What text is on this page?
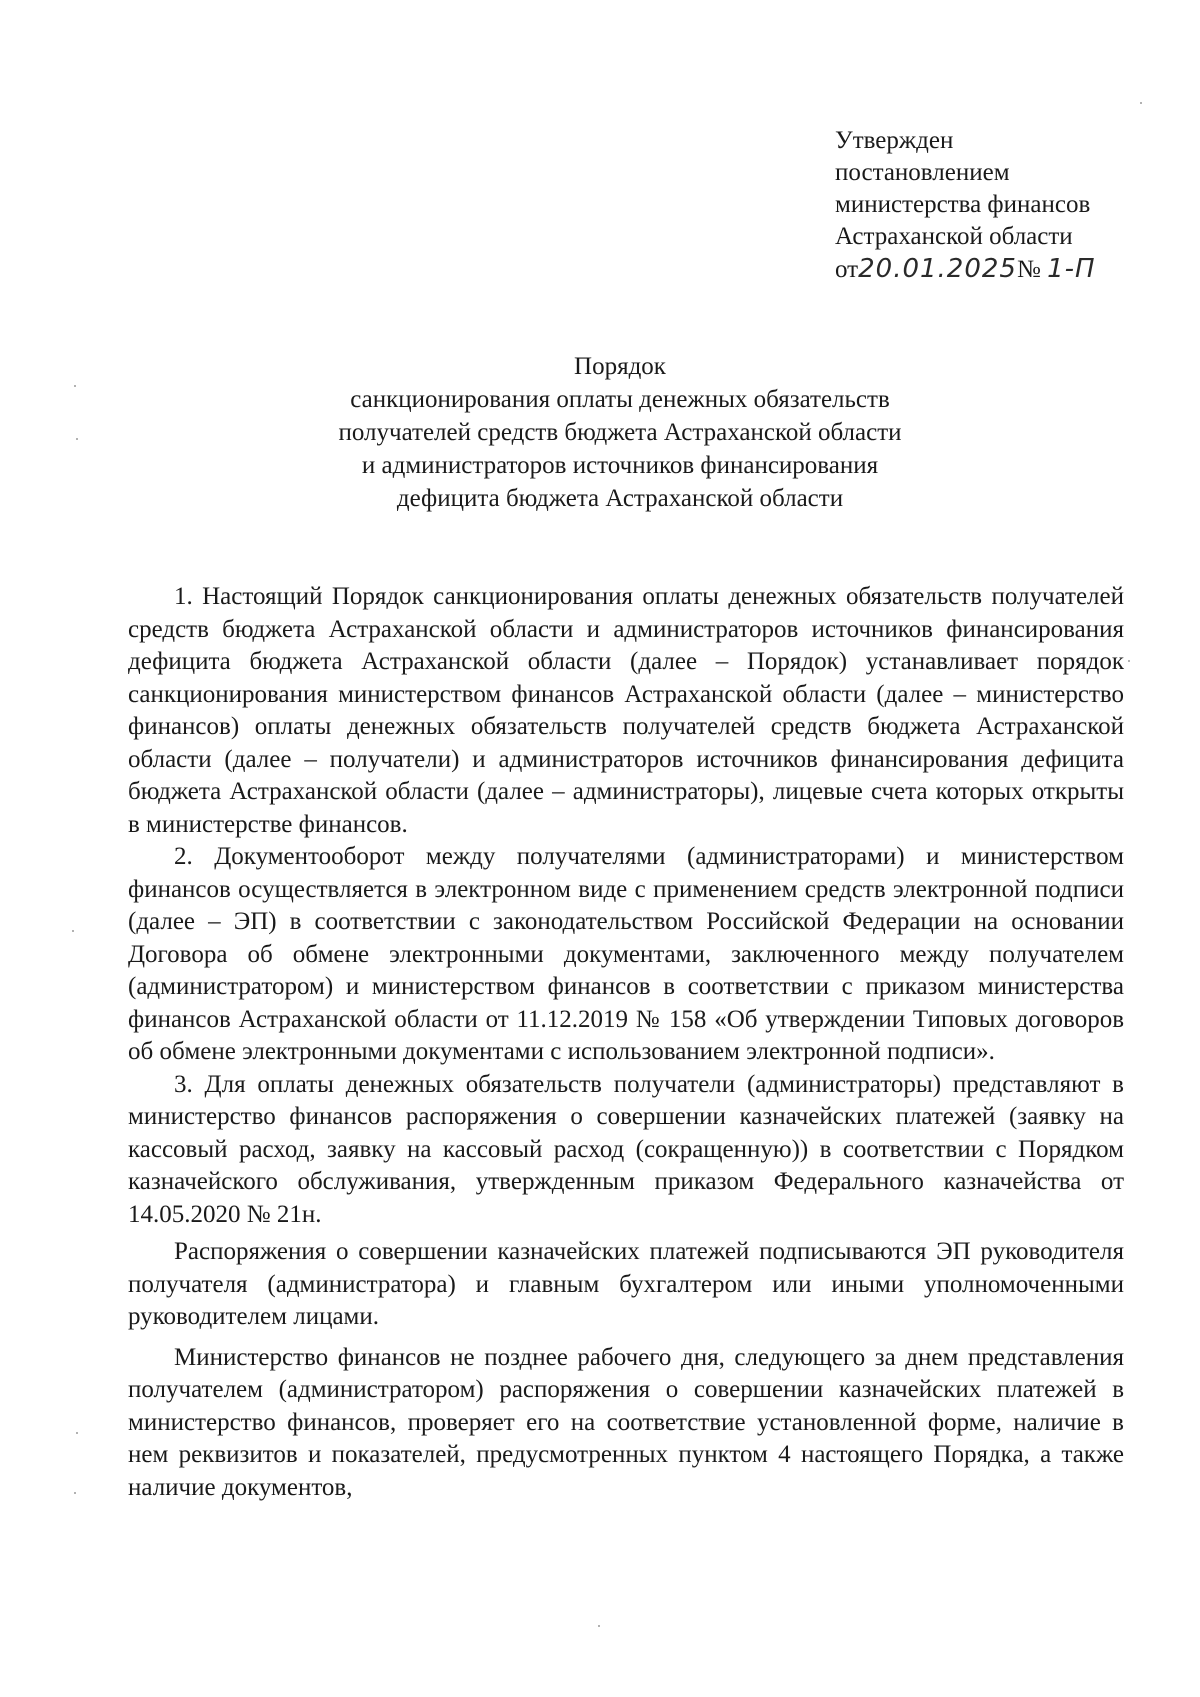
Утвержден
постановлением
министерства финансов
Астраханской области
от20.01.2025№ 1-П
Порядок
санкционирования оплаты денежных обязательств
получателей средств бюджета Астраханской области
и администраторов источников финансирования
дефицита бюджета Астраханской области

1. Настоящий Порядок санкционирования оплаты денежных обязательств получателей средств бюджета Астраханской области и администраторов источников финансирования дефицита бюджета Астраханской области (далее – Порядок) устанавливает порядок санкционирования министерством финансов Астраханской области (далее – министерство финансов) оплаты денежных обязательств получателей средств бюджета Астраханской области (далее – получатели) и администраторов источников финансирования дефицита бюджета Астраханской области (далее – администраторы), лицевые счета которых открыты в министерстве финансов.

2. Документооборот между получателями (администраторами) и министерством финансов осуществляется в электронном виде с применением средств электронной подписи (далее – ЭП) в соответствии с законодательством Российской Федерации на основании Договора об обмене электронными документами, заключенного между получателем (администратором) и министерством финансов в соответствии с приказом министерства финансов Астраханской области от 11.12.2019 № 158 «Об утверждении Типовых договоров об обмене электронными документами с использованием электронной подписи».

3. Для оплаты денежных обязательств получатели (администраторы) представляют в министерство финансов распоряжения о совершении казначейских платежей (заявку на кассовый расход, заявку на кассовый расход (сокращенную)) в соответствии с Порядком казначейского обслуживания, утвержденным приказом Федерального казначейства от 14.05.2020 № 21н.

Распоряжения о совершении казначейских платежей подписываются ЭП руководителя получателя (администратора) и главным бухгалтером или иными уполномоченными руководителем лицами.

Министерство финансов не позднее рабочего дня, следующего за днем представления получателем (администратором) распоряжения о совершении казначейских платежей в министерство финансов, проверяет его на соответствие установленной форме, наличие в нем реквизитов и показателей, предусмотренных пунктом 4 настоящего Порядка, а также наличие документов,
